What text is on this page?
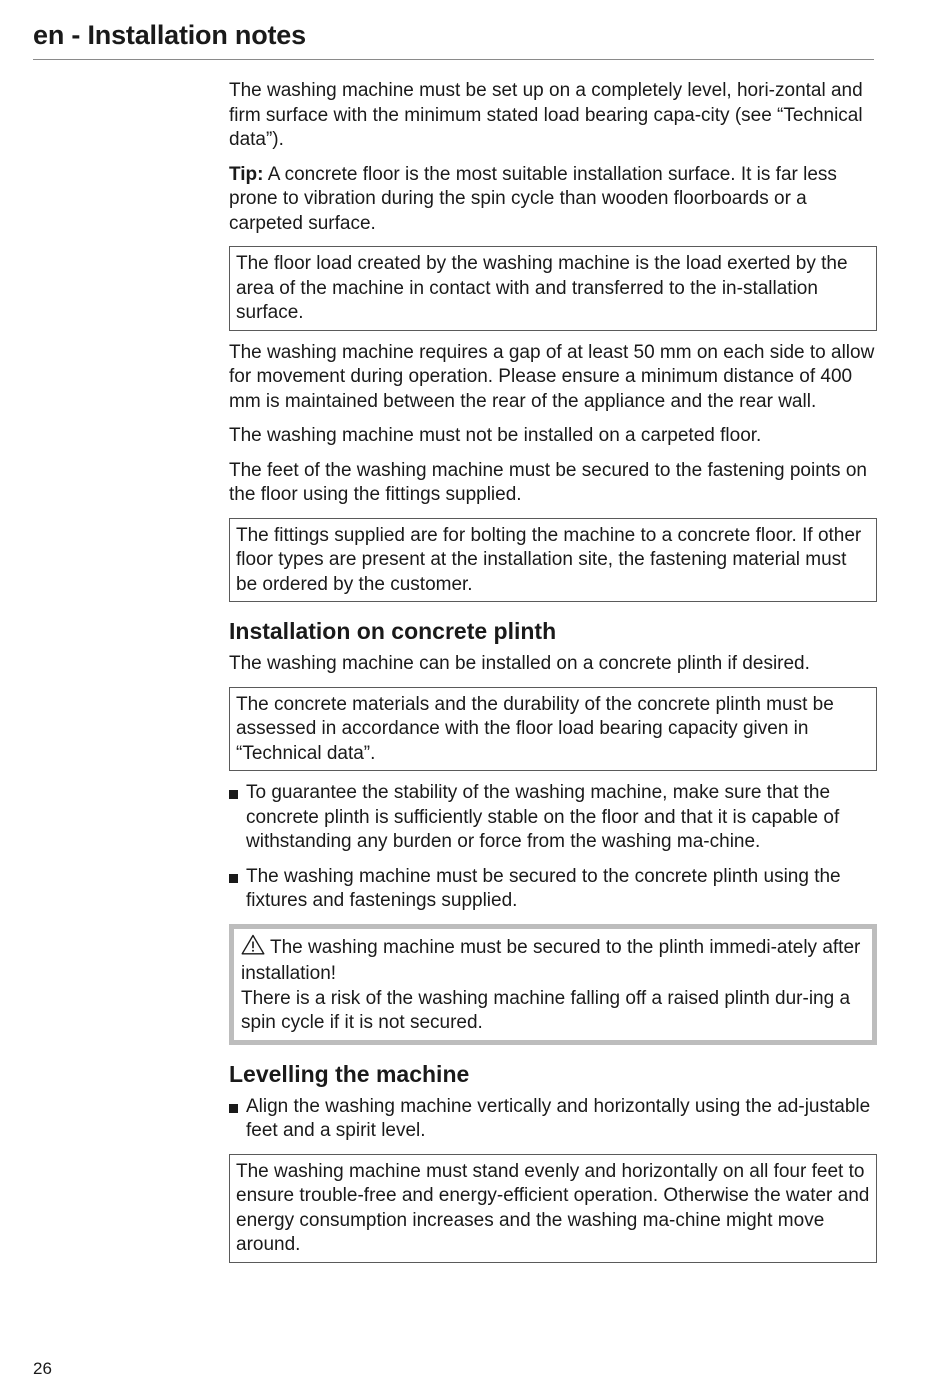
en - Installation notes

The washing machine must be set up on a completely level, hori-zontal and firm surface with the minimum stated load bearing capa-city (see “Technical data”).

Tip: A concrete floor is the most suitable installation surface. It is far less prone to vibration during the spin cycle than wooden floorboards or a carpeted surface.

The floor load created by the washing machine is the load exerted by the area of the machine in contact with and transferred to the in-stallation surface.

The washing machine requires a gap of at least 50 mm on each side to allow for movement during operation. Please ensure a minimum distance of 400 mm is maintained between the rear of the appliance and the rear wall.

The washing machine must not be installed on a carpeted floor.

The feet of the washing machine must be secured to the fastening points on the floor using the fittings supplied.

The fittings supplied are for bolting the machine to a concrete floor. If other floor types are present at the installation site, the fastening material must be ordered by the customer.
Installation on concrete plinth

The washing machine can be installed on a concrete plinth if desired.

The concrete materials and the durability of the concrete plinth must be assessed in accordance with the floor load bearing capacity given in “Technical data”.
To guarantee the stability of the washing machine, make sure that the concrete plinth is sufficiently stable on the floor and that it is capable of withstanding any burden or force from the washing ma-chine.
The washing machine must be secured to the concrete plinth using the fixtures and fastenings supplied.
The washing machine must be secured to the plinth immedi-ately after installation!
There is a risk of the washing machine falling off a raised plinth dur-ing a spin cycle if it is not secured.
Levelling the machine
Align the washing machine vertically and horizontally using the ad-justable feet and a spirit level.
The washing machine must stand evenly and horizontally on all four feet to ensure trouble-free and energy-efficient operation. Otherwise the water and energy consumption increases and the washing ma-chine might move around.
26
